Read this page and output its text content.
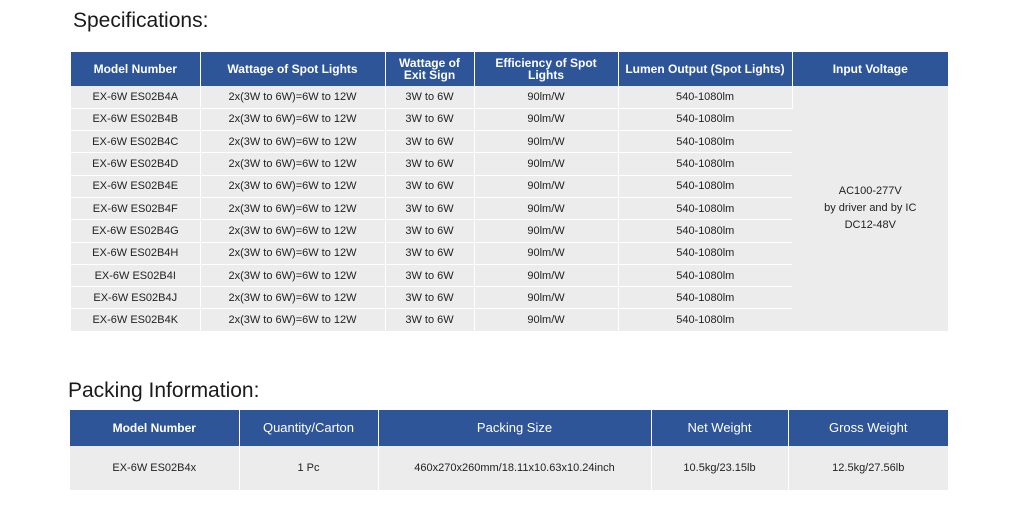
Specifications:
Model Number	Wattage of Spot Lights	Wattage of Exit Sign	Efficiency of Spot Lights	Lumen Output (Spot Lights)	Input Voltage
EX-6W ES02B4A	2x(3W to 6W)=6W to 12W	3W to 6W	90lm/W	540-1080lm	AC100-277V
by driver and by IC
DC12-48V

EX-6W ES02B4B	2x(3W to 6W)=6W to 12W	3W to 6W	90lm/W	540-1080lm	
EX-6W ES02B4C	2x(3W to 6W)=6W to 12W	3W to 6W	90lm/W	540-1080lm	
EX-6W ES02B4D	2x(3W to 6W)=6W to 12W	3W to 6W	90lm/W	540-1080lm	
EX-6W ES02B4E	2x(3W to 6W)=6W to 12W	3W to 6W	90lm/W	540-1080lm	
EX-6W ES02B4F	2x(3W to 6W)=6W to 12W	3W to 6W	90lm/W	540-1080lm	
EX-6W ES02B4G	2x(3W to 6W)=6W to 12W	3W to 6W	90lm/W	540-1080lm	
EX-6W ES02B4H	2x(3W to 6W)=6W to 12W	3W to 6W	90lm/W	540-1080lm	
EX-6W ES02B4I	2x(3W to 6W)=6W to 12W	3W to 6W	90lm/W	540-1080lm	
EX-6W ES02B4J	2x(3W to 6W)=6W to 12W	3W to 6W	90lm/W	540-1080lm	
EX-6W ES02B4K	2x(3W to 6W)=6W to 12W	3W to 6W	90lm/W	540-1080lm	
Packing Information:
Model Number	Quantity/Carton	Packing Size	Net Weight	Gross Weight
EX-6W ES02B4x	1 Pc	460x270x260mm/18.11x10.63x10.24inch	10.5kg/23.15lb	12.5kg/27.56lb
